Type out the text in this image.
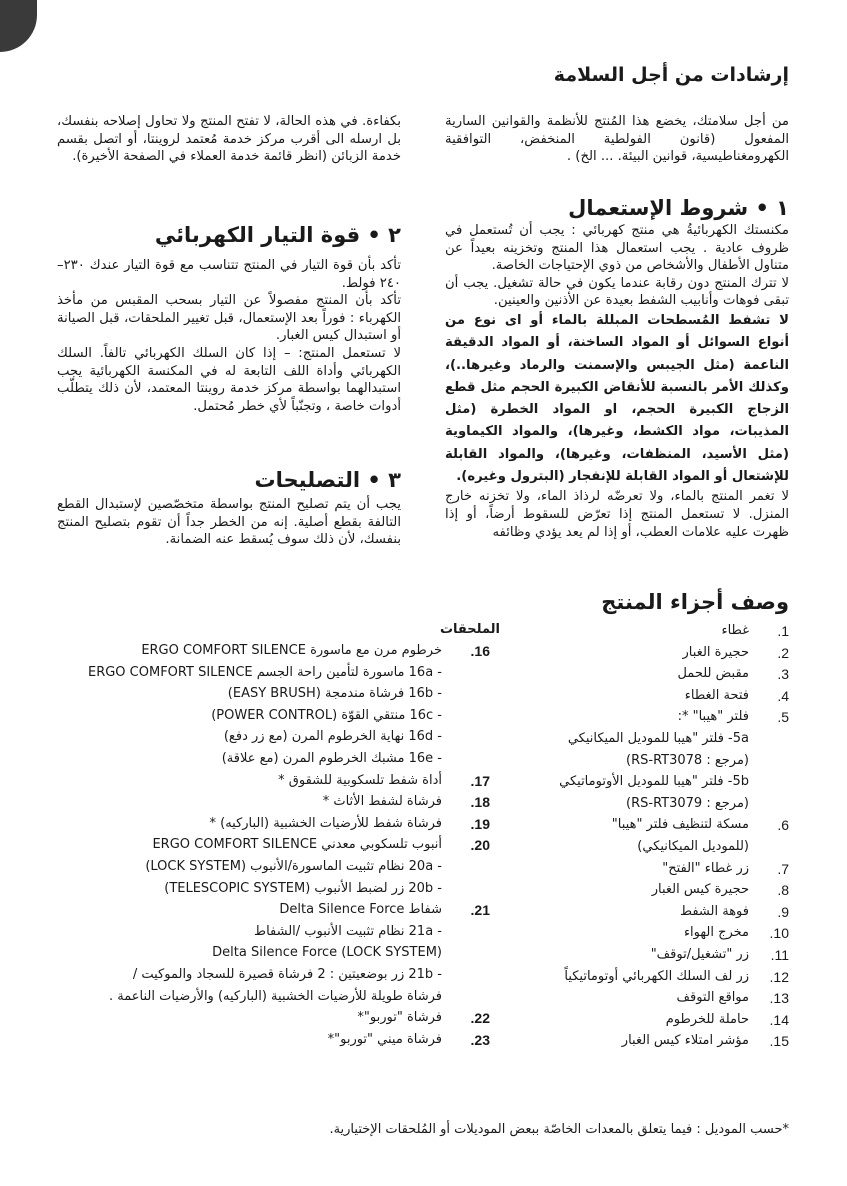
إرشادات من أجل السلامة
من أجل سلامتك، يخضع هذا المُنتج للأنظمة والقوانين السارية المفعول (قانون الفولطية المنخفض، التوافقية الكهرومغناطيسية، قوانين البيئة. ... الخ) .
١ • شروط الإستعمال

مكنستك الكهربائيةُ هي منتج كهربائي : يجب أن تُستعمل في ظروف عادية . يجب استعمال هذا المنتج وتخزينه بعيداً عن متناول الأطفال والأشخاص من ذوي الإحتياجات الخاصة.

لا تترك المنتج دون رقابة عندما يكون في حالة تشغيل. يجب أن تبقى فوهات وأنابيب الشفط بعيدة عن الأذنين والعينين.

لا تشفط المُسطحات المبللة بالماء أو اى نوع من أنواع السوائل أو المواد الساخنة، أو المواد الدقيقة الناعمة (مثل الجيبس والإسمنت والرماد وغيرها..)، وكذلك الأمر بالنسبة للأنقاض الكبيرة الحجم مثل قطع الزجاج الكبيرة الحجم، او المواد الخطرة (مثل المذيبات، مواد الكشط، وغيرها)، والمواد الكيماوية (مثل الأسيد، المنظفات، وغيرها)، والمواد القابلة للإشتعال أو المواد القابلة للإنفجار (البترول وغيره).

لا تغمر المنتج بالماء، ولا تعرضّه لرذاذ الماء، ولا تخزنه خارج المنزل. لا تستعمل المنتج إذا تعرّض للسقوط أرضاً، أو إذا ظهرت عليه علامات العطب، أو إذا لم يعد يؤدي وظائفه

بكفاءة. في هذه الحالة، لا تفتح المنتج ولا تحاول إصلاحه بنفسك، بل ارسله الى أقرب مركز خدمة مُعتمد لروينتا، أو اتصل بقسم خدمة الزبائن (انظر قائمة خدمة العملاء في الصفحة الأخيرة).
٢ • قوة التيار الكهربائي

تأكد بأن قوة التيار في المنتج تتناسب مع قوة التيار عندك ٢٣٠–٢٤٠ فولط.

تأكد بأن المنتج مفصولاً عن التيار بسحب المقبس من مأخذ الكهرباء : فوراً بعد الإستعمال، قبل تغيير الملحقات، قبل الصيانة أو استبدال كيس الغبار.

لا تستعمل المنتج: – إذا كان السلك الكهربائي تالفاً. السلك الكهربائي وأداة اللف التابعة له في المكنسة الكهربائية يجب استبدالهما بواسطة مركز خدمة روينتا المعتمد، لأن ذلك يتطلّب أدوات خاصة ، وتجنّباً لأي خطر مُحتمل.

٣ • التصليحات
يجب أن يتم تصليح المنتج بواسطة متخصّصين لإستبدال القطع التالفة بقطع أصلية. إنه من الخطر جداً أن تقوم بتصليح المنتج بنفسك، لأن ذلك سوف يُسقط عنه الضمانة.
وصف أجزاء المنتج
1.
غطاء
2.
حجيرة الغبار
3.
مقبض للحمل
4.
فتحة الغطاء
5.
فلتر "هيبا" *:
5a- فلتر "هيبا للموديل الميكانيكي
(مرجع : RS-RT3078)
5b- فلتر "هيبا للموديل الأوتوماتيكي
(مرجع : RS-RT3079)
6.
مسكة لتنظيف فلتر "هيبا"
(للموديل الميكانيكي)
7.
زر غطاء "الفتح"
8.
حجيرة كيس الغبار
9.
فوهة الشفط
10.
مخرج الهواء
11.
زر "تشغيل/توقف"
12.
زر لف السلك الكهربائي أوتوماتيكياً
13.
مواقع التوقف
14.
حاملة للخرطوم
15.
مؤشر امتلاء كيس الغبار
الملحقات
16.
خرطوم مرن مع ماسورة ERGO COMFORT SILENCE
- 16a ماسورة لتأمين راحة الجسم ERGO COMFORT SILENCE
- 16b فرشاة مندمجة (EASY BRUSH)
- 16c منتقي القوّة (POWER CONTROL)
- 16d نهاية الخرطوم المرن (مع زر دفع)
- 16e مشبك الخرطوم المرن (مع علاقة)
17.
أداة شفط تلسكوبية للشقوق *
18.
فرشاة لشفط الأثاث *
19.
فرشاة شفط للأرضيات الخشبية (الباركيه) *
20.
أنبوب تلسكوبي معدني ERGO COMFORT SILENCE
- 20a نظام تثبيت الماسورة/الأنبوب (LOCK SYSTEM)
- 20b زر لضبط الأنبوب (TELESCOPIC SYSTEM)
21.
شفاط Delta Silence Force
- 21a نظام تثبيت الأنبوب /الشفاط
Delta Silence Force (LOCK SYSTEM)
- 21b زر بوضعيتين : 2 فرشاة قصيرة للسجاد والموكيت /
فرشاة طويلة للأرضيات الخشبية (الباركيه) والأرضيات الناعمة .
22.
فرشاة "توربو"*
23.
فرشاة ميني "توربو"*
*حسب الموديل : فيما يتعلق بالمعدات الخاصّة ببعض الموديلات أو المُلحقات الإختيارية.
